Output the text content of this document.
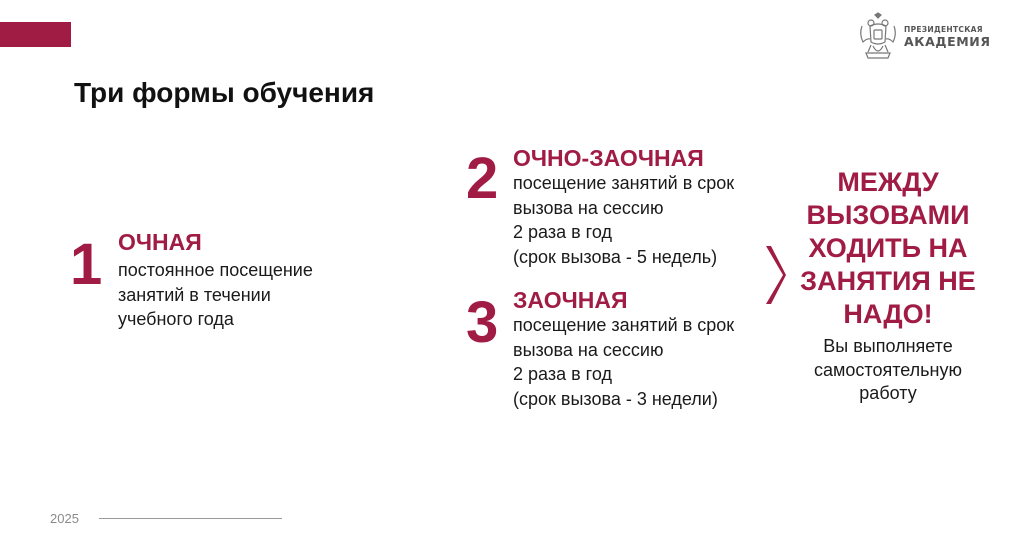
ПРЕЗИДЕНТСКАЯ
АКАДЕМИЯ
Три формы обучения
1 ОЧНАЯ
постоянное посещение
занятий в течении
учебного года
2 ОЧНО-ЗАОЧНАЯ
посещение занятий в срок
вызова на сессию
2 раза в год
(срок вызова - 5 недель)
3 ЗАОЧНАЯ
посещение занятий в срок
вызова на сессию
2 раза в год
(срок вызова - 3 недели)
МЕЖДУ
ВЫЗОВАМИ
ХОДИТЬ НА
ЗАНЯТИЯ НЕ
НАДО!
Вы выполняете
самостоятельную
работу
2025
